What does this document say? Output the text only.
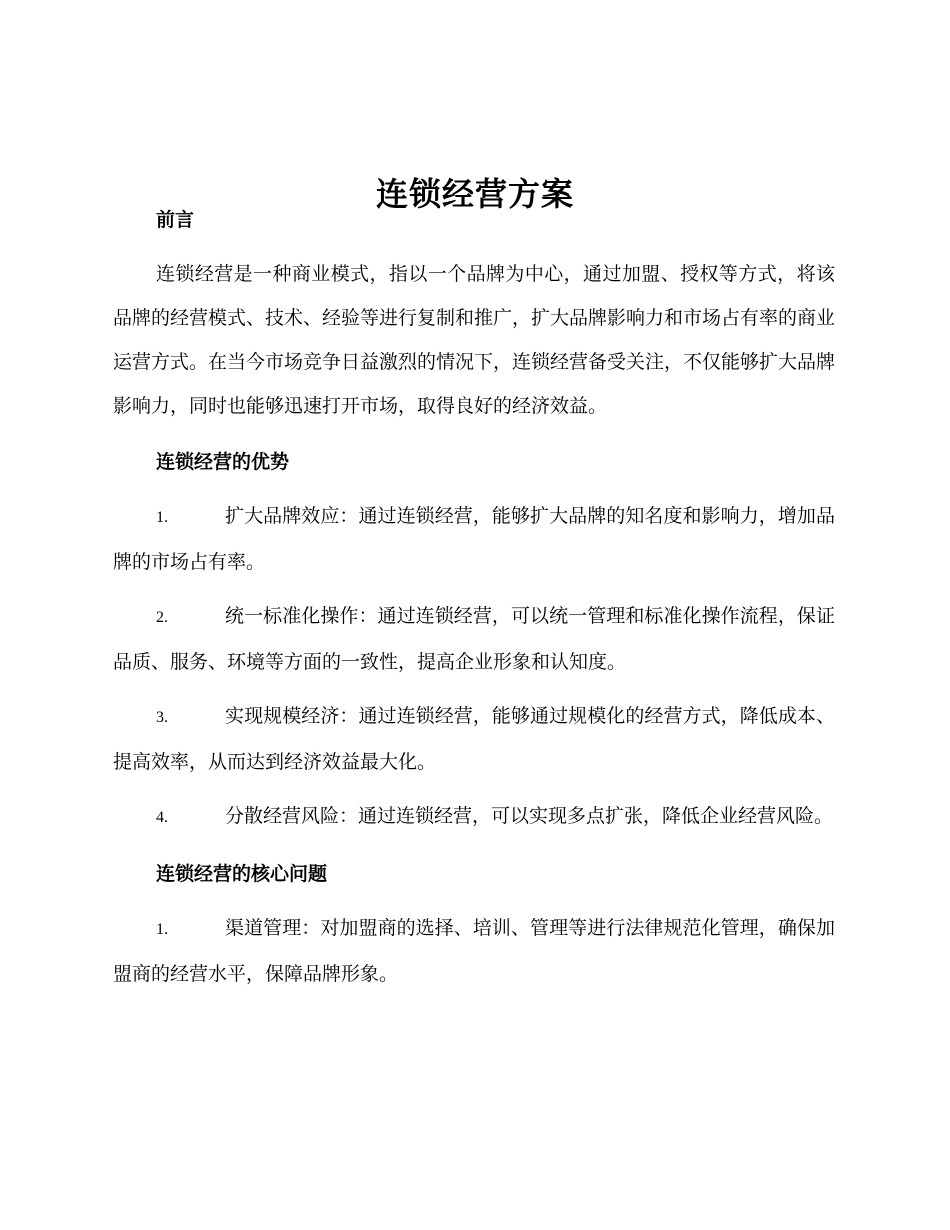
连锁经营方案
前言

连锁经营是一种商业模式，指以一个品牌为中心，通过加盟、授权等方式，将该品牌的经营模式、技术、经验等进行复制和推广，扩大品牌影响力和市场占有率的商业运营方式。在当今市场竞争日益激烈的情况下，连锁经营备受关注，不仅能够扩大品牌影响力，同时也能够迅速打开市场，取得良好的经济效益。

连锁经营的优势

1.	扩大品牌效应：通过连锁经营，能够扩大品牌的知名度和影响力，增加品牌的市场占有率。

2.	统一标准化操作：通过连锁经营，可以统一管理和标准化操作流程，保证品质、服务、环境等方面的一致性，提高企业形象和认知度。

3.	实现规模经济：通过连锁经营，能够通过规模化的经营方式，降低成本、提高效率，从而达到经济效益最大化。

4.	分散经营风险：通过连锁经营，可以实现多点扩张，降低企业经营风险。

连锁经营的核心问题

1.	渠道管理：对加盟商的选择、培训、管理等进行法律规范化管理，确保加盟商的经营水平，保障品牌形象。
